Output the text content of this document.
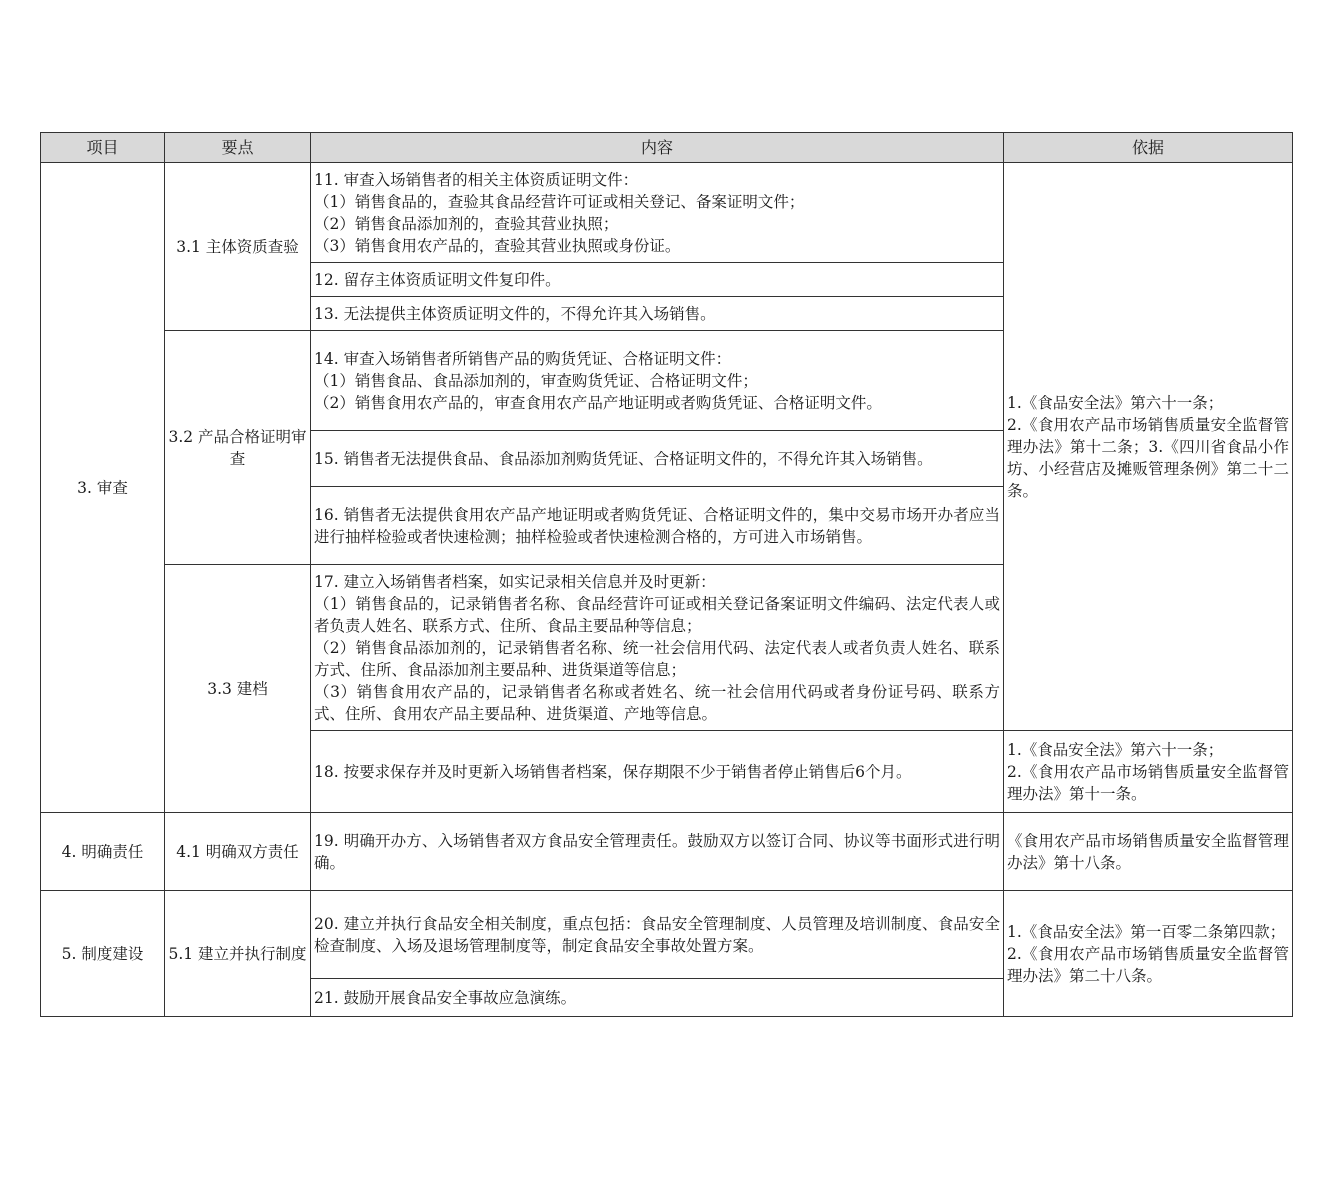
项目	要点	内容	依据
3. 审查	3.1 主体资质查验	11. 审查入场销售者的相关主体资质证明文件：
（1）销售食品的，查验其食品经营许可证或相关登记、备案证明文件；
（2）销售食品添加剂的，查验其营业执照；
（3）销售食用农产品的，查验其营业执照或身份证。	1.《食品安全法》第六十一条；
2.《食用农产品市场销售质量安全监督管理办法》第十二条；3.《四川省食品小作坊、小经营店及摊贩管理条例》第二十二条。

		12. 留存主体资质证明文件复印件。	
		13. 无法提供主体资质证明文件的，不得允许其入场销售。	
	3.2 产品合格证明审查	14. 审查入场销售者所销售产品的购货凭证、合格证明文件：
（1）销售食品、食品添加剂的，审查购货凭证、合格证明文件；
（2）销售食用农产品的，审查食用农产品产地证明或者购货凭证、合格证明文件。	

		15. 销售者无法提供食品、食品添加剂购货凭证、合格证明文件的，不得允许其入场销售。	
		16. 销售者无法提供食用农产品产地证明或者购货凭证、合格证明文件的，集中交易市场开办者应当进行抽样检验或者快速检测；抽样检验或者快速检测合格的，方可进入市场销售。	
	3.3 建档	17. 建立入场销售者档案，如实记录相关信息并及时更新：
（1）销售食品的，记录销售者名称、食品经营许可证或相关登记备案证明文件编码、法定代表人或者负责人姓名、联系方式、住所、食品主要品种等信息；
（2）销售食品添加剂的，记录销售者名称、统一社会信用代码、法定代表人或者负责人姓名、联系方式、住所、食品添加剂主要品种、进货渠道等信息；
（3）销售食用农产品的，记录销售者名称或者姓名、统一社会信用代码或者身份证号码、联系方式、住所、食用农产品主要品种、进货渠道、产地等信息。	

		18. 按要求保存并及时更新入场销售者档案，保存期限不少于销售者停止销售后6个月。	1.《食品安全法》第六十一条；
2.《食用农产品市场销售质量安全监督管理办法》第十一条。

4. 明确责任	4.1 明确双方责任	19. 明确开办方、入场销售者双方食品安全管理责任。鼓励双方以签订合同、协议等书面形式进行明确。	《食用农产品市场销售质量安全监督管理办法》第十八条。
5. 制度建设	5.1 建立并执行制度	20. 建立并执行食品安全相关制度，重点包括：食品安全管理制度、人员管理及培训制度、食品安全检查制度、入场及退场管理制度等，制定食品安全事故处置方案。	1.《食品安全法》第一百零二条第四款；
2.《食用农产品市场销售质量安全监督管理办法》第二十八条。

		21. 鼓励开展食品安全事故应急演练。	
